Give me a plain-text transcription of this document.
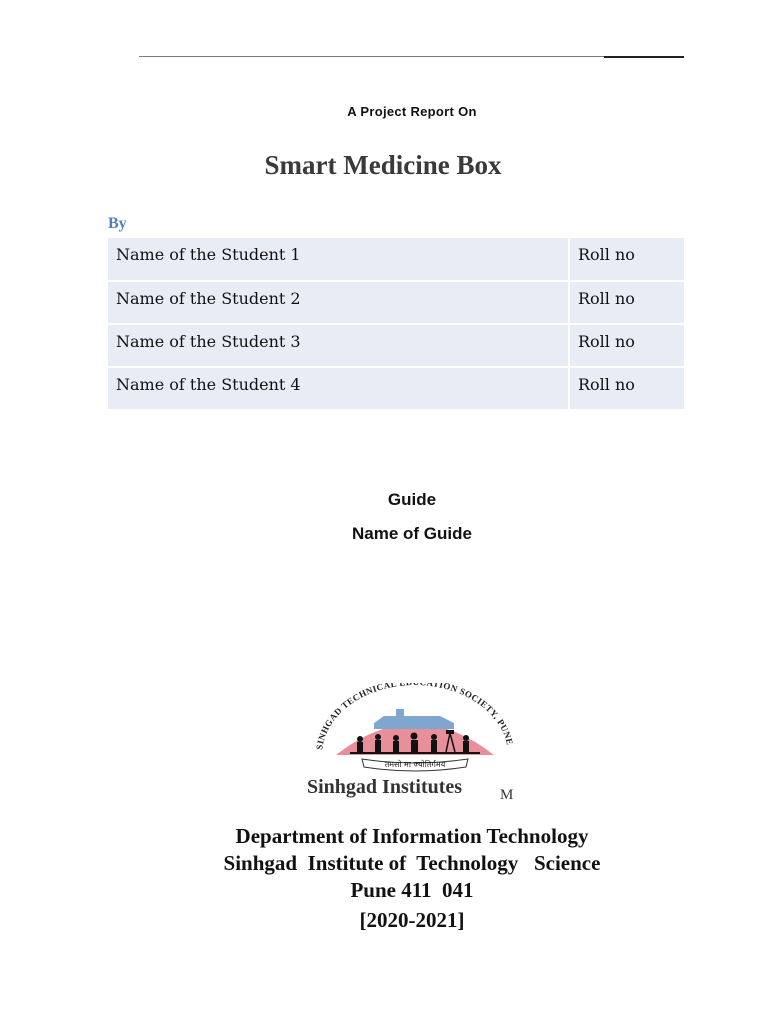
A Project Report On
Smart Medicine Box
By
Name of the Student 1	Roll no
Name of the Student 2	Roll no
Name of the Student 3	Roll no
Name of the Student 4	Roll no
Guide
Name of Guide
SINHGAD TECHNICAL TION SOCIETY, PUNE
तमसो मा ज्योतिर्गमय
Sinhgad Institutes	M
Department of Information Technology
Sinhgad  Institute of  Technology   Science
Pune 411  041
[2020-2021]
